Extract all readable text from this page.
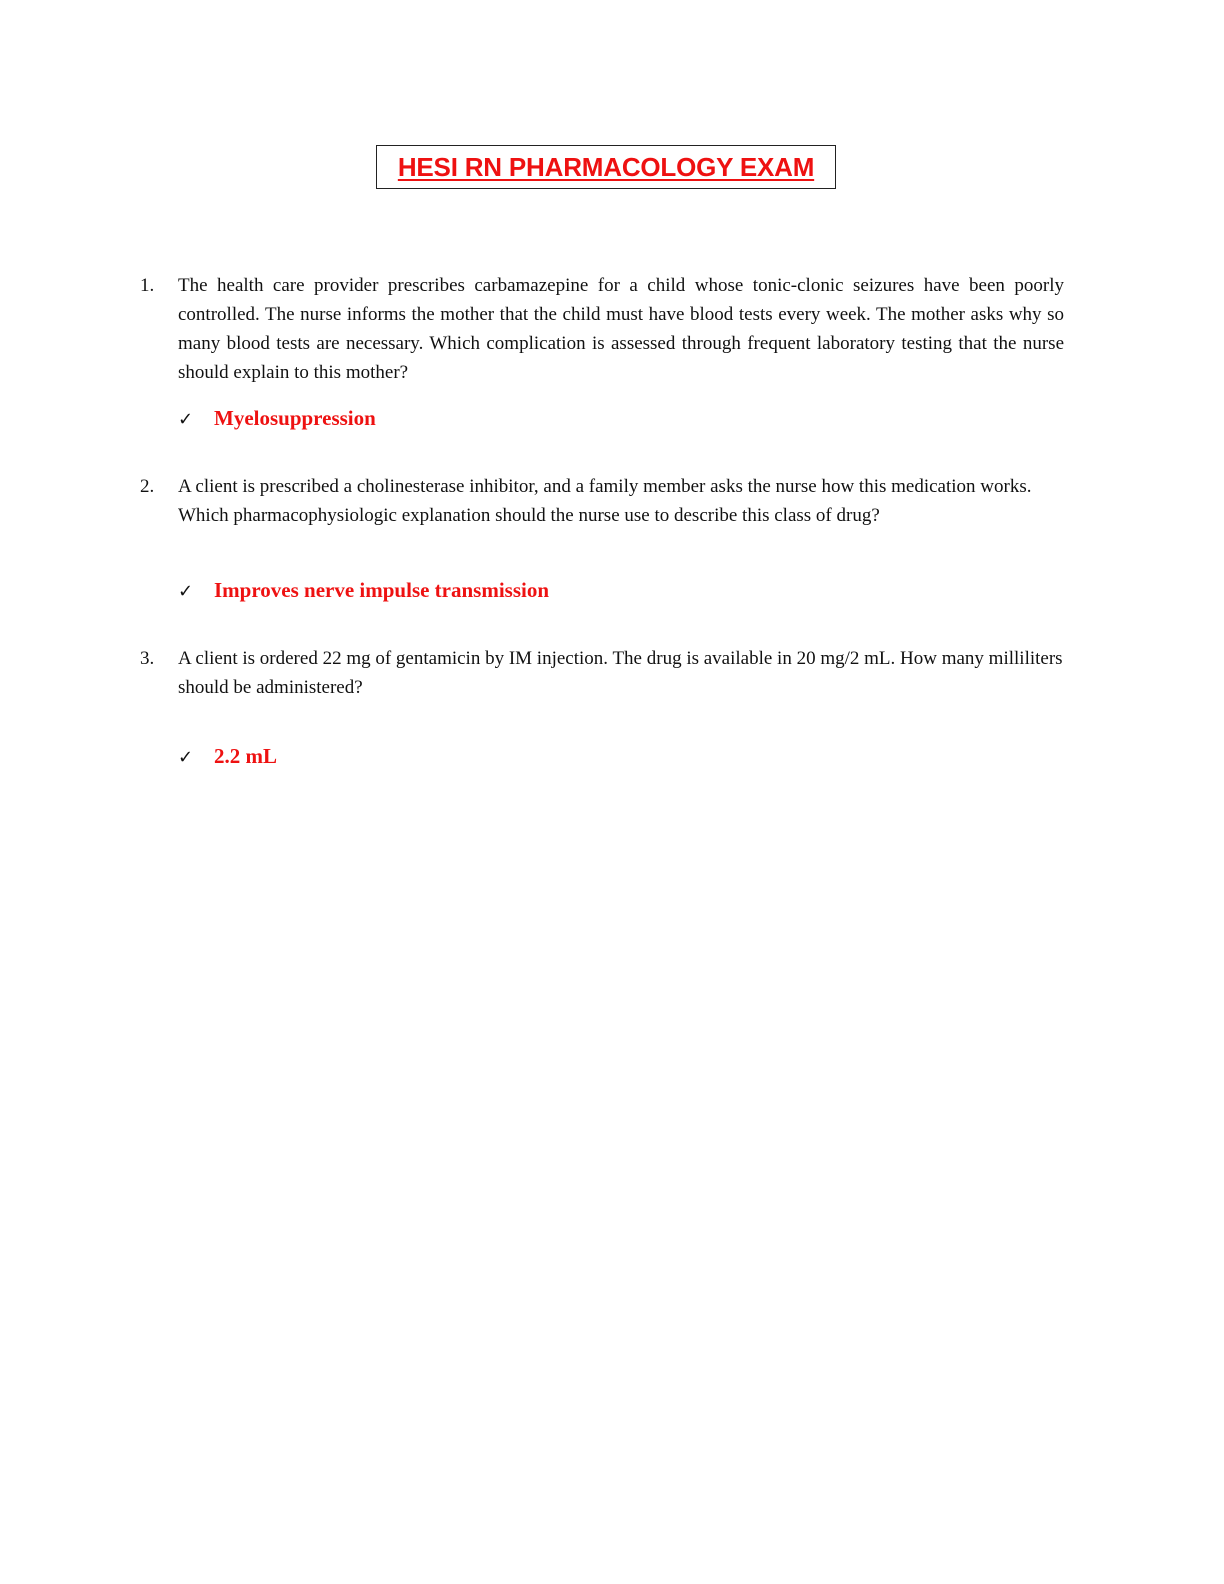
HESI RN PHARMACOLOGY EXAM
1. The health care provider prescribes carbamazepine for a child whose tonic-clonic seizures have been poorly controlled. The nurse informs the mother that the child must have blood tests every week. The mother asks why so many blood tests are necessary. Which complication is assessed through frequent laboratory testing that the nurse should explain to this mother?
✓ Myelosuppression
2. A client is prescribed a cholinesterase inhibitor, and a family member asks the nurse how this medication works. Which pharmacophysiologic explanation should the nurse use to describe this class of drug?
✓ Improves nerve impulse transmission
3. A client is ordered 22 mg of gentamicin by IM injection. The drug is available in 20 mg/2 mL. How many milliliters should be administered?
✓ 2.2 mL
